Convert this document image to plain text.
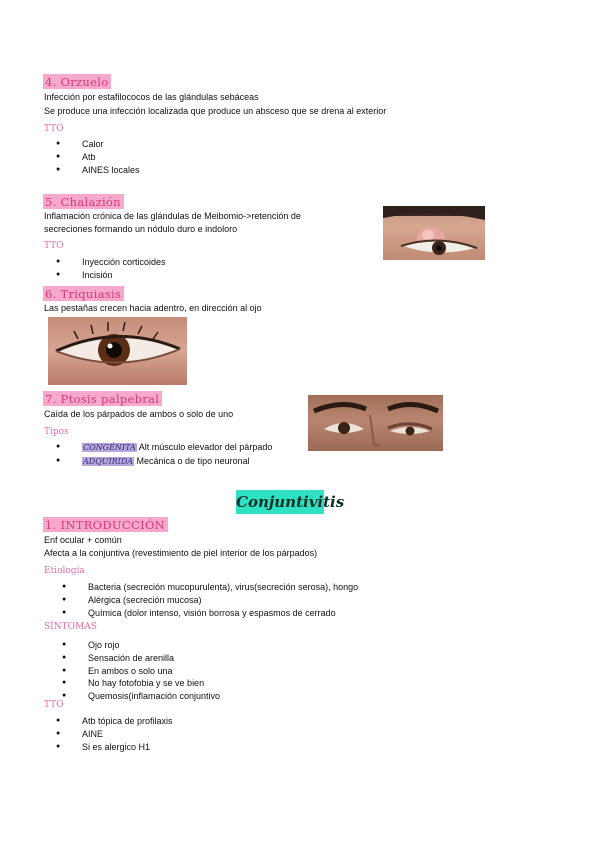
4. Orzuelo
Infección por estafilococos de las glándulas sebáceas
Se produce una infección localizada que produce un absceso que se drena al exterior
TTO
● Calor
● Atb
● AINES locales
5. Chalazión
Inflamación crónica de las glándulas de Meibomio->retención de
secreciones formando un nódulo duro e indoloro
TTO
● Inyección corticoides
● Incisión
6. Triquiasis
Las pestañas crecen hacia adentro, en dirección al ojo
7. Ptosis palpebral
Caída de los párpados de ambos o solo de uno
Tipos
● CONGÉNITA Alt músculo elevador del párpado
● ADQUIRIDA Mecánica o de tipo neuronal
Conjuntivitis
1. INTRODUCCIÓN
Enf ocular + común
Afecta a la conjuntiva (revestimiento de piel interior de los párpados)
Etiología
● Bacteria (secreción mucopurulenta), virus(secreción serosa), hongo
● Alérgica (secreción mucosa)
● Química (dolor intenso, visión borrosa y espasmos de cerrado
SÍNTOMAS
● Ojo rojo
● Sensación de arenilla
● En ambos o solo una
● No hay fotofobia y se ve bien
● Quemosis(inflamación conjuntivo
TTO
● Atb tópica de profilaxis
● AINE
● Si es alergico H1
